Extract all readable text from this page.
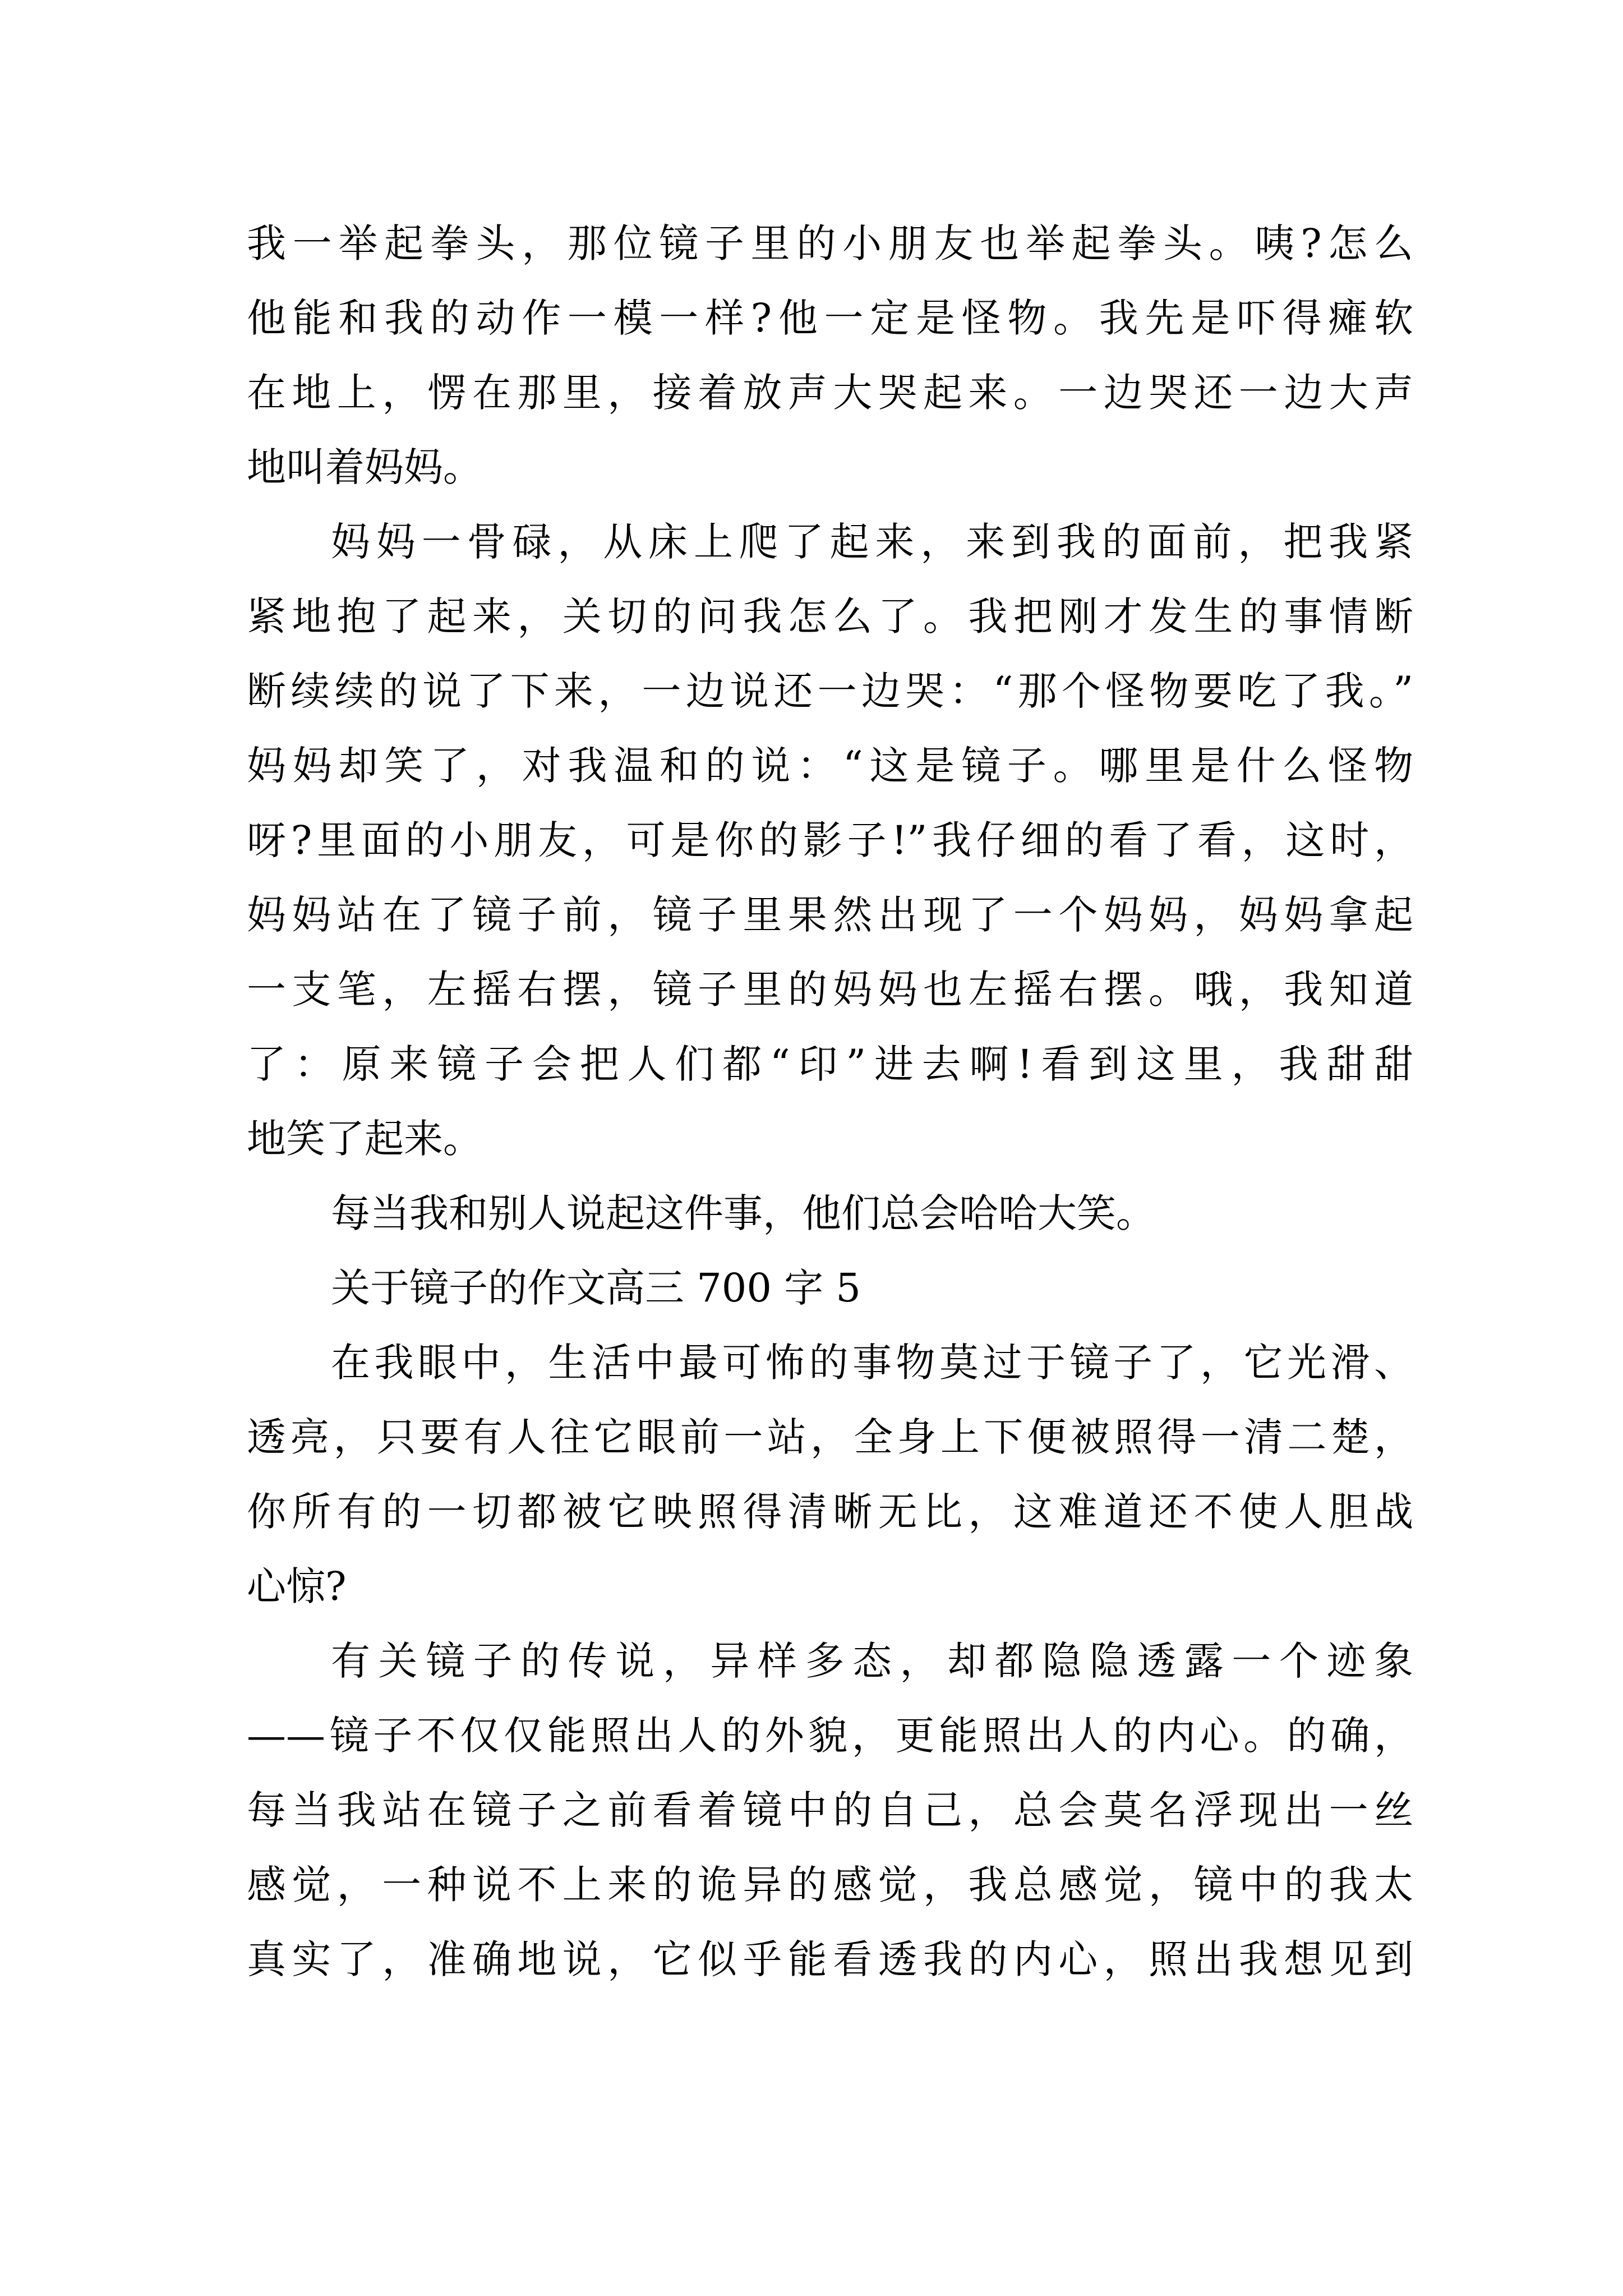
我一举起拳头，那位镜子里的小朋友也举起拳头。咦?怎么
他能和我的动作一模一样?他一定是怪物。我先是吓得瘫软
在地上，愣在那里，接着放声大哭起来。一边哭还一边大声
地叫着妈妈。
妈妈一骨碌，从床上爬了起来，来到我的面前，把我紧
紧地抱了起来，关切的问我怎么了。我把刚才发生的事情断
断续续的说了下来，一边说还一边哭：“那个怪物要吃了我。”
妈妈却笑了，对我温和的说：“这是镜子。哪里是什么怪物
呀?里面的小朋友，可是你的影子!”我仔细的看了看，这时，
妈妈站在了镜子前，镜子里果然出现了一个妈妈，妈妈拿起
一支笔，左摇右摆，镜子里的妈妈也左摇右摆。哦，我知道
了：原来镜子会把人们都“印”进去啊!看到这里，我甜甜
地笑了起来。
每当我和别人说起这件事，他们总会哈哈大笑。
关于镜子的作文高三 700 字 5
在我眼中，生活中最可怖的事物莫过于镜子了，它光滑、
透亮，只要有人往它眼前一站，全身上下便被照得一清二楚，
你所有的一切都被它映照得清晰无比，这难道还不使人胆战
心惊?
有关镜子的传说，异样多态，却都隐隐透露一个迹象
——镜子不仅仅能照出人的外貌，更能照出人的内心。的确，
每当我站在镜子之前看着镜中的自己，总会莫名浮现出一丝
感觉，一种说不上来的诡异的感觉，我总感觉，镜中的我太
真实了，准确地说，它似乎能看透我的内心，照出我想见到
